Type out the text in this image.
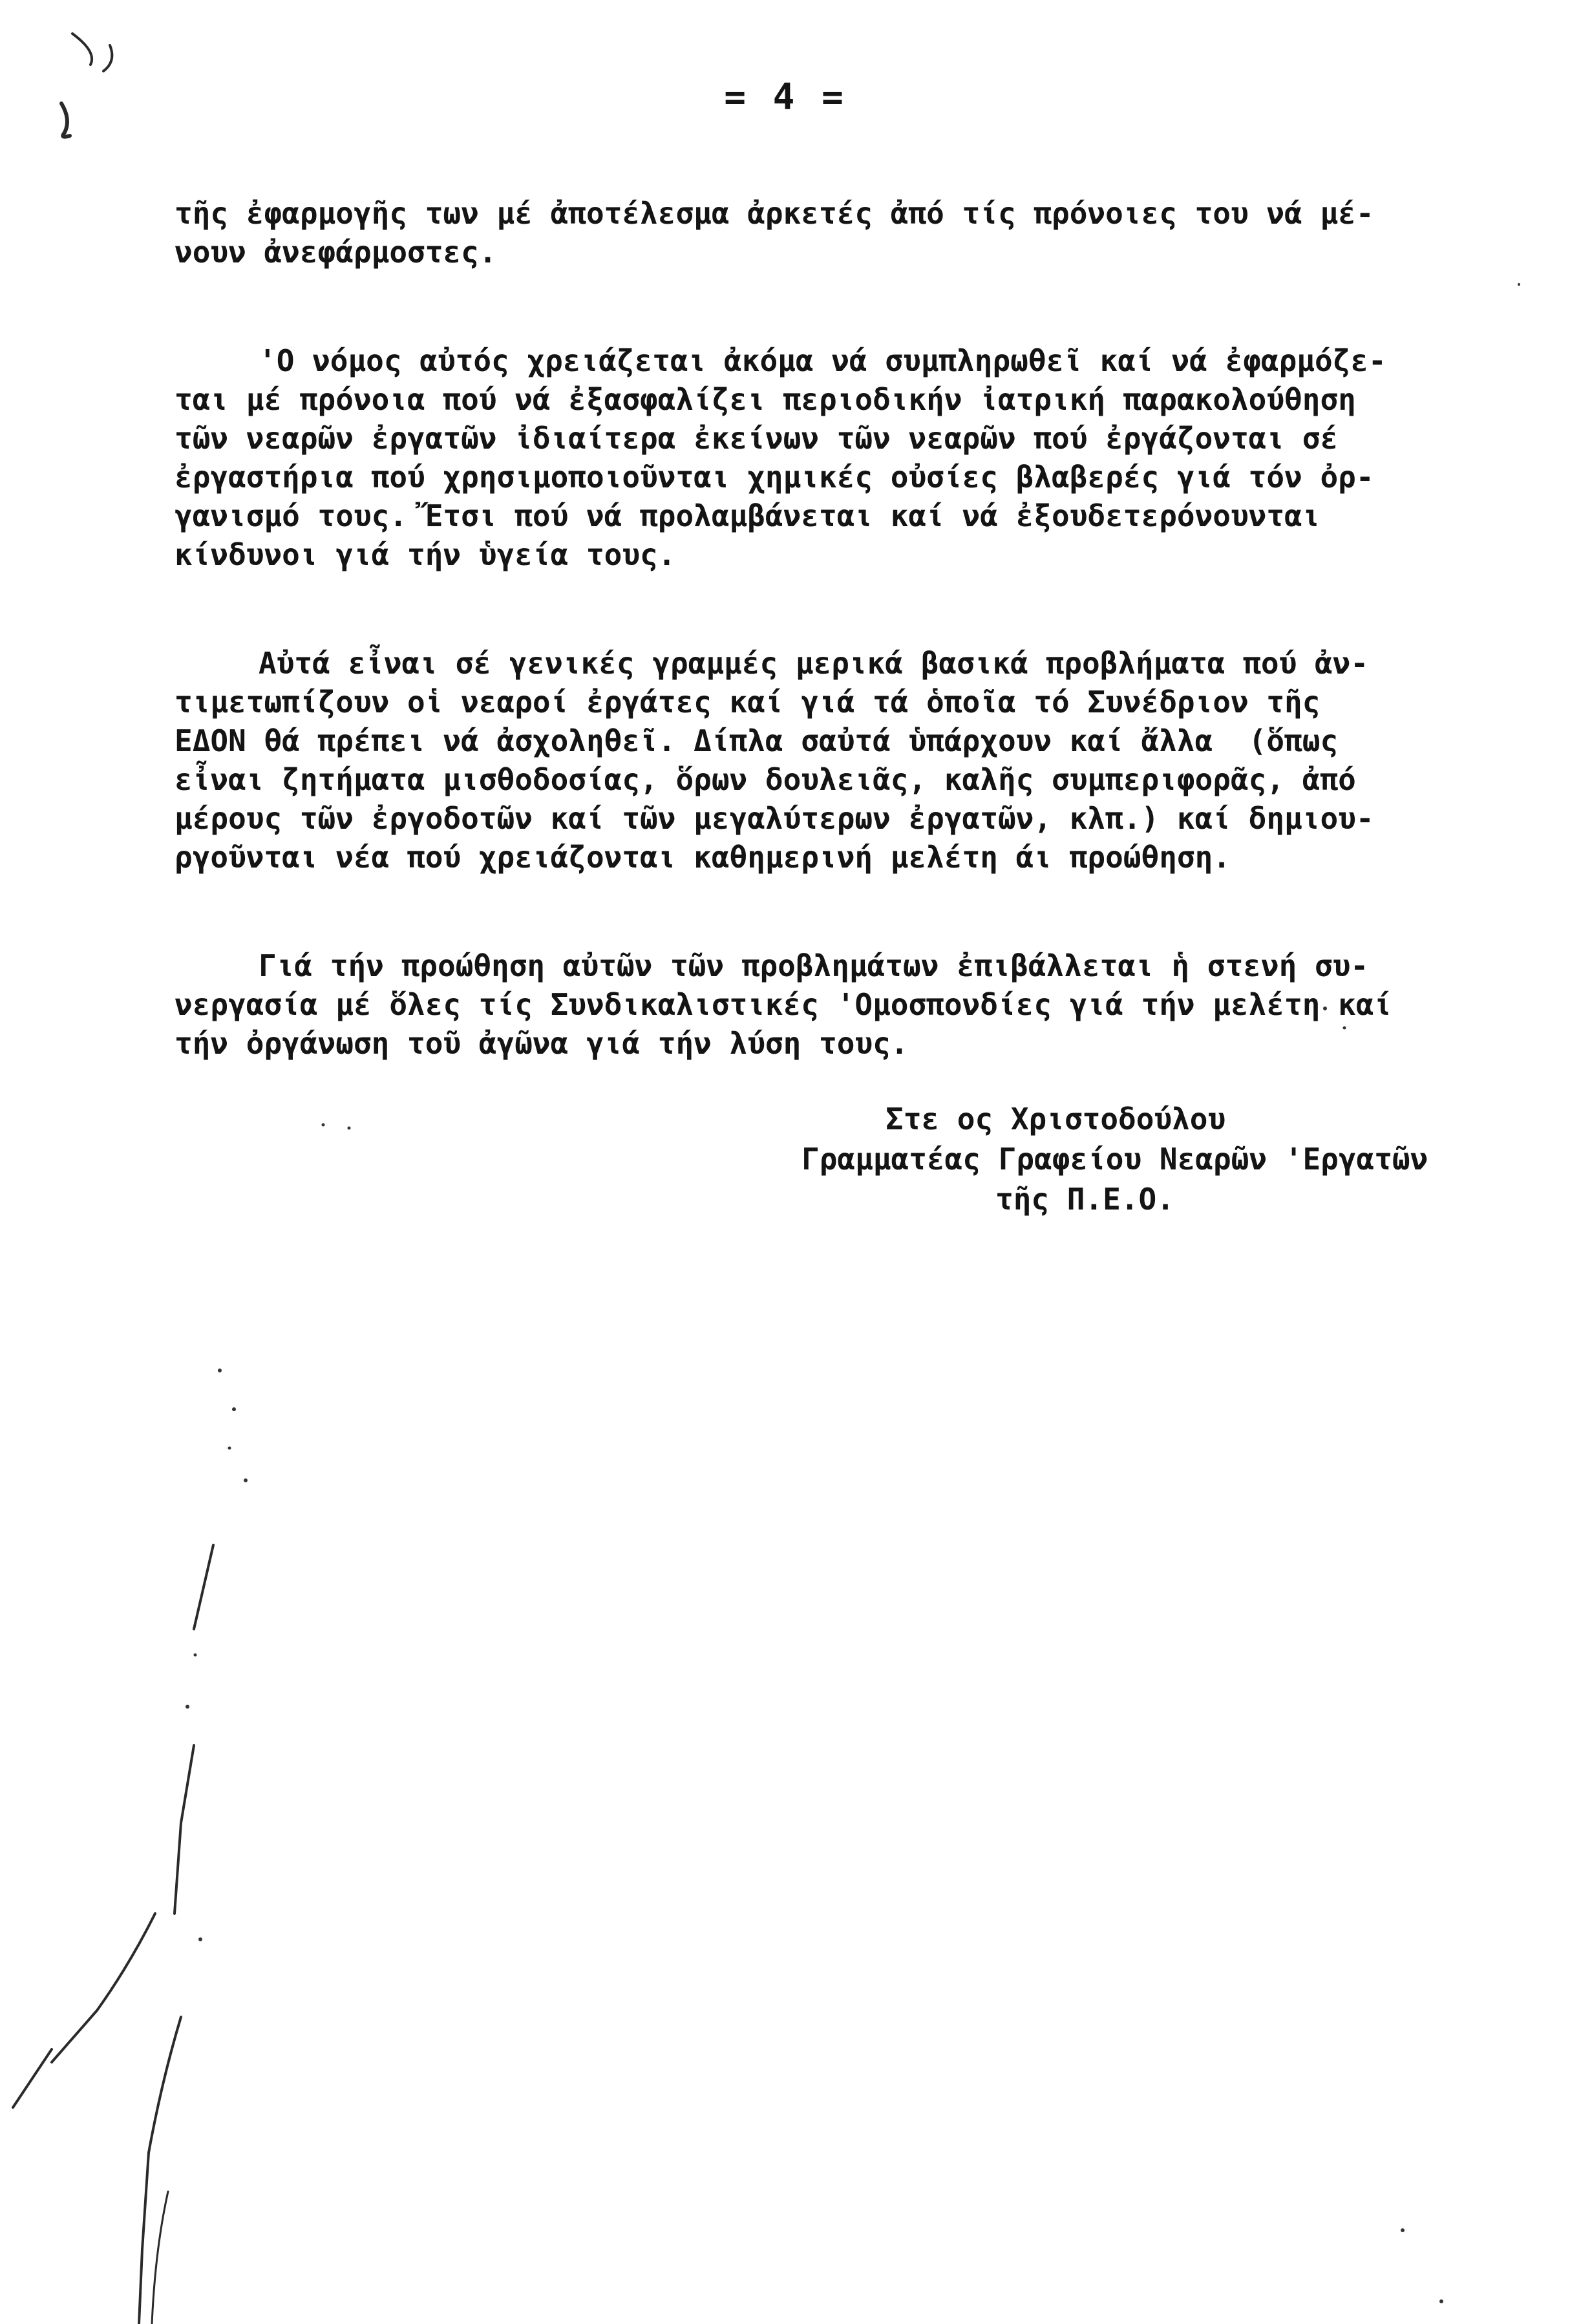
= 4 =

τῆς ἐφαρμογῆς των μέ ἀποτέλεσμα ἀρκετές ἀπό τίς πρόνοιες του νά μέ-
νουν ἀνεφάρμοστες.

'Ο νόμος αὐτός χρειάζεται ἀκόμα νά συμπληρωθεῖ καί νά ἐφαρμόζε-
ται μέ πρόνοια πού νά ἐξασφαλίζει περιοδικήν ἰατρική παρακολούθηση
τῶν νεαρῶν ἐργατῶν ἰδιαίτερα ἐκείνων τῶν νεαρῶν πού ἐργάζονται σέ
ἐργαστήρια πού χρησιμοποιοῦνται χημικές οὐσίες βλαβερές γιά τόν ὀρ-
γανισμό τους. Ἔτσι πού νά προλαμβάνεται καί νά ἐξουδετερόνουνται
κίνδυνοι γιά τήν ὑγεία τους.

Αὐτά εἶναι σέ γενικές γραμμές μερικά βασικά προβλήματα πού ἀν-
τιμετωπίζουν οἱ νεαροί ἐργάτες καί γιά τά ὁποῖα τό Συνέδριον τῆς
ΕΔΟΝ θά πρέπει νά ἀσχοληθεῖ. Δίπλα σαὐτά ὑπάρχουν καί ἄλλα  (ὅπως
εἶναι ζητήματα μισθοδοσίας, ὅρων δουλειᾶς, καλῆς συμπεριφορᾶς, ἀπό
μέρους τῶν ἐργοδοτῶν καί τῶν μεγαλύτερων ἐργατῶν, κλπ.) καί δημιου-
ργοῦνται νέα πού χρειάζονται καθημερινή μελέτη άι προώθηση.

Γιά τήν προώθηση αὐτῶν τῶν προβλημάτων ἐπιβάλλεται ἡ στενή συ-
νεργασία μέ ὅλες τίς Συνδικαλιστικές 'Ομοσπονδίες γιά τήν μελέτη καί
τήν ὀργάνωση τοῦ ἀγῶνα γιά τήν λύση τους.

Στε ος Χριστοδούλου
Γραμματέας Γραφείου Νεαρῶν 'Εργατῶν
τῆς Π.Ε.Ο.
